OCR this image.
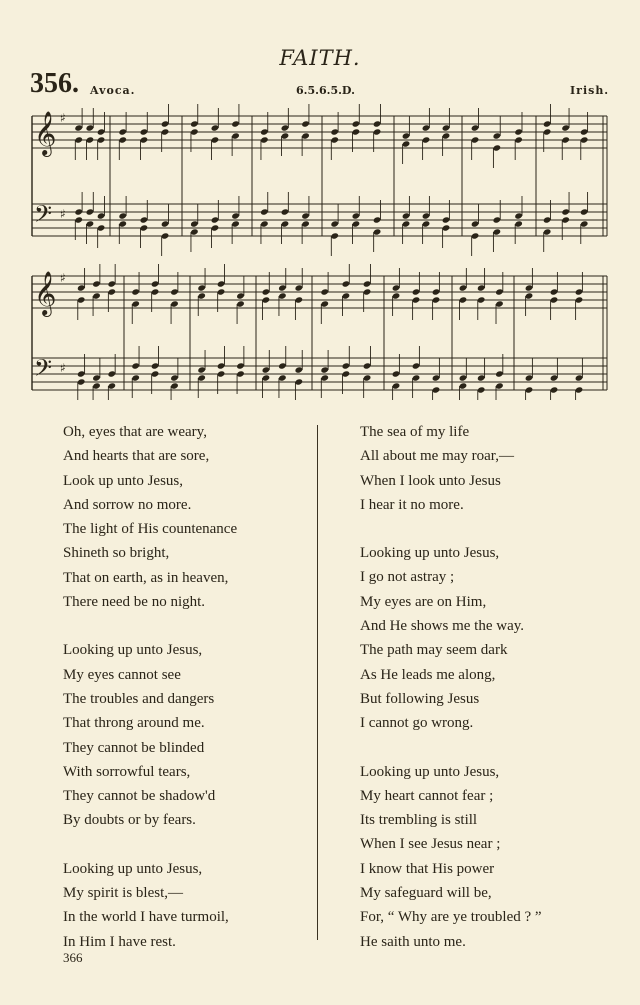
FAITH.
356. Avoca.	6.5.6.5.D.	Irish.
𝄞
𝄢
♯
♯
𝄞
𝄢
♯
♯
Oh, eyes that are weary,
And hearts that are sore,
Look up unto Jesus,
And sorrow no more.
The light of His countenance
Shineth so bright,
That on earth, as in heaven,
There need be no night.
Looking up unto Jesus,
My eyes cannot see
The troubles and dangers
That throng around me.
They cannot be blinded
With sorrowful tears,
They cannot be shadow'd
By doubts or by fears.
Looking up unto Jesus,
My spirit is blest,—
In the world I have turmoil,
In Him I have rest.
The sea of my life
All about me may roar,—
When I look unto Jesus
I hear it no more.
Looking up unto Jesus,
I go not astray ;
My eyes are on Him,
And He shows me the way.
The path may seem dark
As He leads me along,
But following Jesus
I cannot go wrong.
Looking up unto Jesus,
My heart cannot fear ;
Its trembling is still
When I see Jesus near ;
I know that His power
My safeguard will be,
For, “ Why are ye troubled ? ”
He saith unto me.
366
